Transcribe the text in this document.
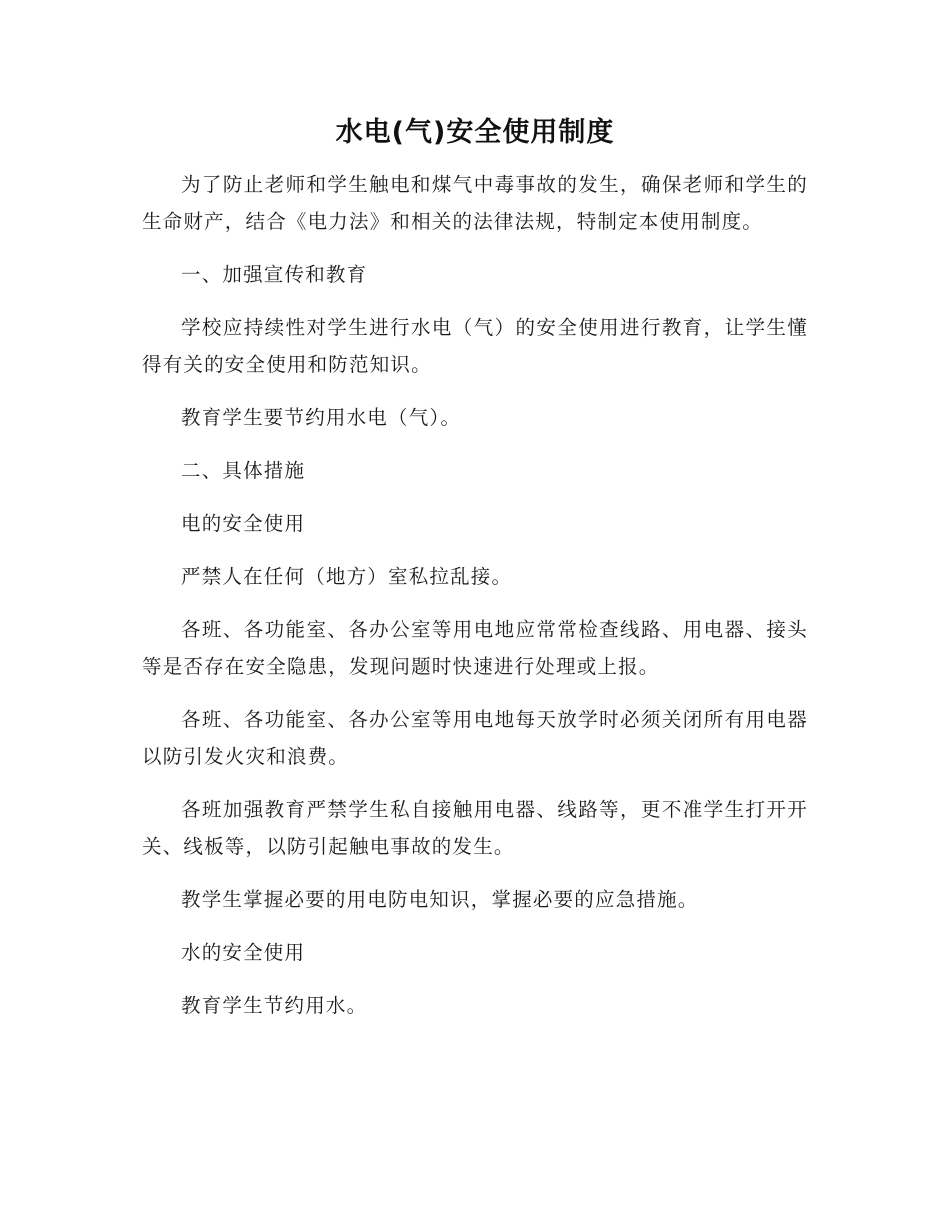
水电(气)安全使用制度

为了防止老师和学生触电和煤气中毒事故的发生，确保老师和学生的生命财产，结合《电力法》和相关的法律法规，特制定本使用制度。

一、加强宣传和教育

学校应持续性对学生进行水电（气）的安全使用进行教育，让学生懂得有关的安全使用和防范知识。

教育学生要节约用水电（气）。

二、具体措施

电的安全使用

严禁人在任何（地方）室私拉乱接。

各班、各功能室、各办公室等用电地应常常检查线路、用电器、接头等是否存在安全隐患，发现问题时快速进行处理或上报。

各班、各功能室、各办公室等用电地每天放学时必须关闭所有用电器以防引发火灾和浪费。

各班加强教育严禁学生私自接触用电器、线路等，更不准学生打开开关、线板等，以防引起触电事故的发生。

教学生掌握必要的用电防电知识，掌握必要的应急措施。

水的安全使用

教育学生节约用水。
